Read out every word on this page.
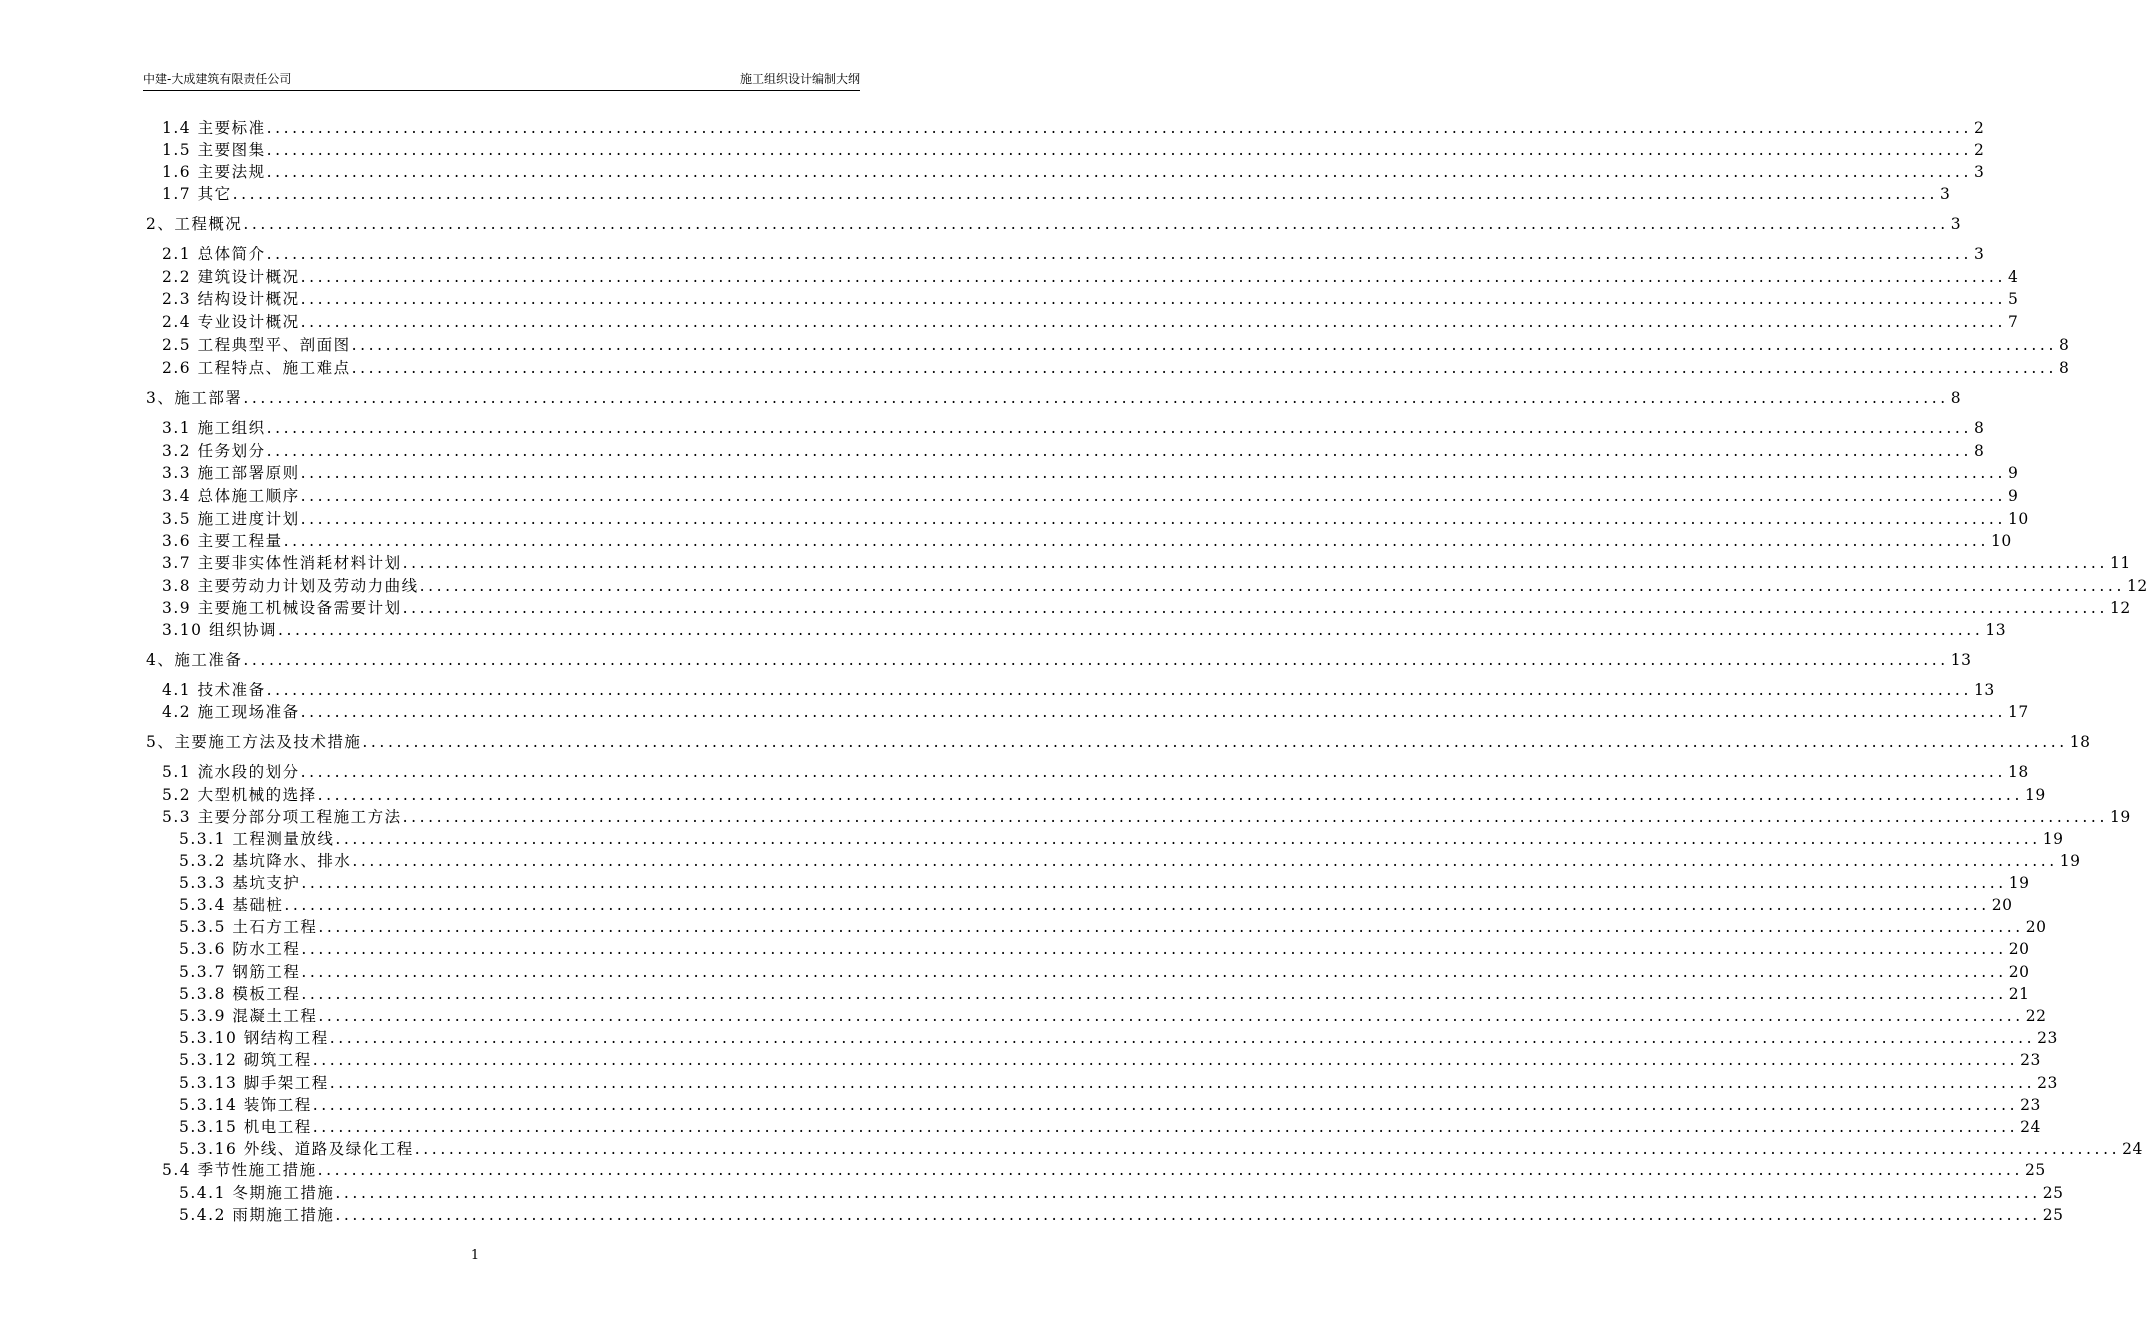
中建-大成建筑有限责任公司	施工组织设计编制大纲
1.4 主要标准 ........................................................................................................................................................................................................ 2
1.5 主要图集 ........................................................................................................................................................................................................ 2
1.6 主要法规 ........................................................................................................................................................................................................ 3
1.7 其它 ........................................................................................................................................................................................................ 3
2、工程概况 ........................................................................................................................................................................................................ 3
2.1 总体简介 ........................................................................................................................................................................................................ 3
2.2 建筑设计概况 ........................................................................................................................................................................................................ 4
2.3 结构设计概况 ........................................................................................................................................................................................................ 5
2.4 专业设计概况 ........................................................................................................................................................................................................ 7
2.5 工程典型平、剖面图 ........................................................................................................................................................................................................ 8
2.6 工程特点、施工难点 ........................................................................................................................................................................................................ 8
3、施工部署 ........................................................................................................................................................................................................ 8
3.1 施工组织 ........................................................................................................................................................................................................ 8
3.2 任务划分 ........................................................................................................................................................................................................ 8
3.3 施工部署原则 ........................................................................................................................................................................................................ 9
3.4 总体施工顺序 ........................................................................................................................................................................................................ 9
3.5 施工进度计划 ........................................................................................................................................................................................................ 10
3.6 主要工程量 ........................................................................................................................................................................................................ 10
3.7 主要非实体性消耗材料计划 ........................................................................................................................................................................................................ 11
3.8 主要劳动力计划及劳动力曲线 ........................................................................................................................................................................................................ 12
3.9 主要施工机械设备需要计划 ........................................................................................................................................................................................................ 12
3.10 组织协调 ........................................................................................................................................................................................................ 13
4、施工准备 ........................................................................................................................................................................................................ 13
4.1 技术准备 ........................................................................................................................................................................................................ 13
4.2 施工现场准备 ........................................................................................................................................................................................................ 17
5、主要施工方法及技术措施 ........................................................................................................................................................................................................ 18
5.1 流水段的划分 ........................................................................................................................................................................................................ 18
5.2 大型机械的选择 ........................................................................................................................................................................................................ 19
5.3 主要分部分项工程施工方法 ........................................................................................................................................................................................................ 19
5.3.1 工程测量放线 ........................................................................................................................................................................................................ 19
5.3.2 基坑降水、排水 ........................................................................................................................................................................................................ 19
5.3.3 基坑支护 ........................................................................................................................................................................................................ 19
5.3.4 基础桩 ........................................................................................................................................................................................................ 20
5.3.5 土石方工程 ........................................................................................................................................................................................................ 20
5.3.6 防水工程 ........................................................................................................................................................................................................ 20
5.3.7 钢筋工程 ........................................................................................................................................................................................................ 20
5.3.8 模板工程 ........................................................................................................................................................................................................ 21
5.3.9 混凝土工程 ........................................................................................................................................................................................................ 22
5.3.10 钢结构工程 ........................................................................................................................................................................................................ 23
5.3.12 砌筑工程 ........................................................................................................................................................................................................ 23
5.3.13 脚手架工程 ........................................................................................................................................................................................................ 23
5.3.14 装饰工程 ........................................................................................................................................................................................................ 23
5.3.15 机电工程 ........................................................................................................................................................................................................ 24
5.3.16 外线、道路及绿化工程 ........................................................................................................................................................................................................ 24
5.4 季节性施工措施 ........................................................................................................................................................................................................ 25
5.4.1 冬期施工措施 ........................................................................................................................................................................................................ 25
5.4.2 雨期施工措施 ........................................................................................................................................................................................................ 25
1
